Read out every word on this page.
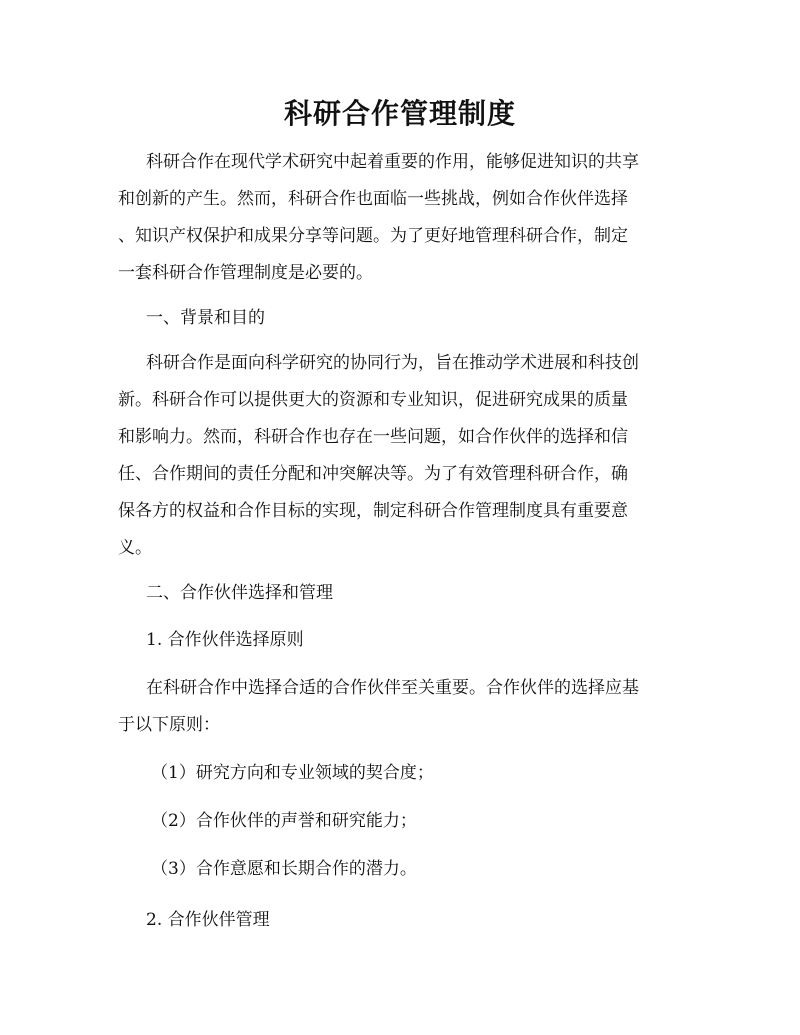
科研合作管理制度
科研合作在现代学术研究中起着重要的作用，能够促进知识的共享
和创新的产生。然而，科研合作也面临一些挑战，例如合作伙伴选择
、知识产权保护和成果分享等问题。为了更好地管理科研合作，制定
一套科研合作管理制度是必要的。
一、背景和目的
科研合作是面向科学研究的协同行为，旨在推动学术进展和科技创
新。科研合作可以提供更大的资源和专业知识，促进研究成果的质量
和影响力。然而，科研合作也存在一些问题，如合作伙伴的选择和信
任、合作期间的责任分配和冲突解决等。为了有效管理科研合作，确
保各方的权益和合作目标的实现，制定科研合作管理制度具有重要意
义。
二、合作伙伴选择和管理
1. 合作伙伴选择原则
在科研合作中选择合适的合作伙伴至关重要。合作伙伴的选择应基
于以下原则：
（1）研究方向和专业领域的契合度；
（2）合作伙伴的声誉和研究能力；
（3）合作意愿和长期合作的潜力。
2. 合作伙伴管理
